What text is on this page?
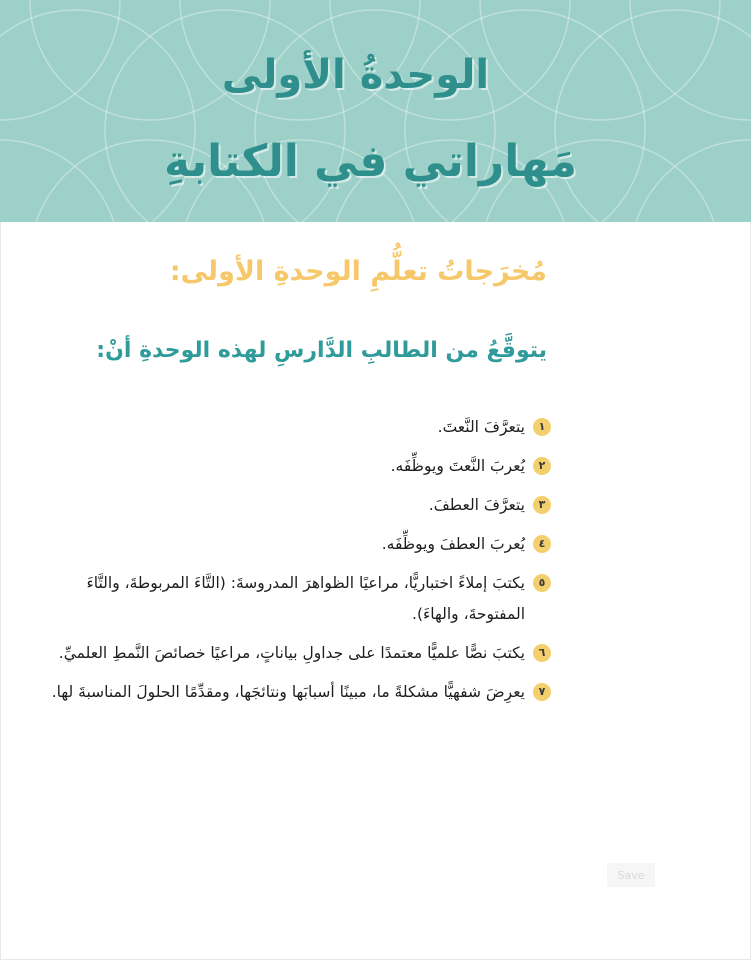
الوحدةُ الأولى
مَهاراتي في الكتابةِ
مُخرَجاتُ تعلُّمِ الوحدةِ الأولى:

يتوقَّعُ من الطالبِ الدَّارسِ لهذه الوحدةِ أنْ:

١
يتعرَّفَ النَّعتَ.
٢
يُعربَ النَّعتَ ويوظِّفَه.
٣
يتعرَّفَ العطفَ.
٤
يُعربَ العطفَ ويوظِّفَه.
٥
يكتبَ إملاءً اختباريًّا، مراعيًا الظواهرَ المدروسةَ: (التَّاءَ المربوطةَ، والتَّاءَ المفتوحةَ، والهاءَ).
٦
يكتبَ نصًّا علميًّا معتمدًا على جداولِ بياناتٍ، مراعيًا خصائصَ النَّمطِ العلميِّ.
٧
يعرِضَ شفهيًّا مشكلةً ما، مبينًا أسبابَها ونتائجَها، ومقدِّمًا الحلولَ المناسبةَ لها.
Save
